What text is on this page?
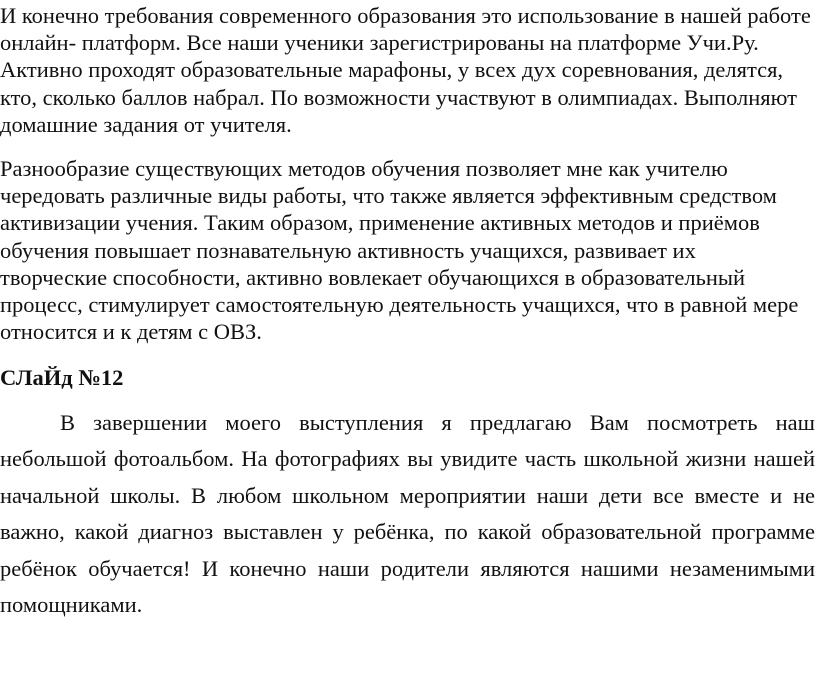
И конечно требования современного образования это использование в нашей работе онлайн- платформ. Все наши ученики зарегистрированы на платформе Учи.Ру. Активно проходят образовательные марафоны, у всех дух соревнования, делятся, кто, сколько баллов набрал. По возможности участвуют в олимпиадах. Выполняют домашние задания от учителя.

Разнообразие существующих методов обучения позволяет мне как учителю чередовать различные виды работы, что также является эффективным средством активизации учения. Таким образом, применение активных методов и приёмов обучения повышает познавательную активность учащихся, развивает их творческие способности, активно вовлекает обучающихся в образовательный процесс, стимулирует самостоятельную деятельность учащихся, что в равной мере относится и к детям с ОВЗ.

СЛаЙд №12

В завершении моего выступления я предлагаю Вам посмотреть наш небольшой фотоальбом. На фотографиях вы увидите часть школьной жизни нашей начальной школы. В любом школьном мероприятии наши дети все вместе и не важно, какой диагноз выставлен у ребёнка, по какой образовательной программе ребёнок обучается! И конечно наши родители являются нашими незаменимыми помощниками.
